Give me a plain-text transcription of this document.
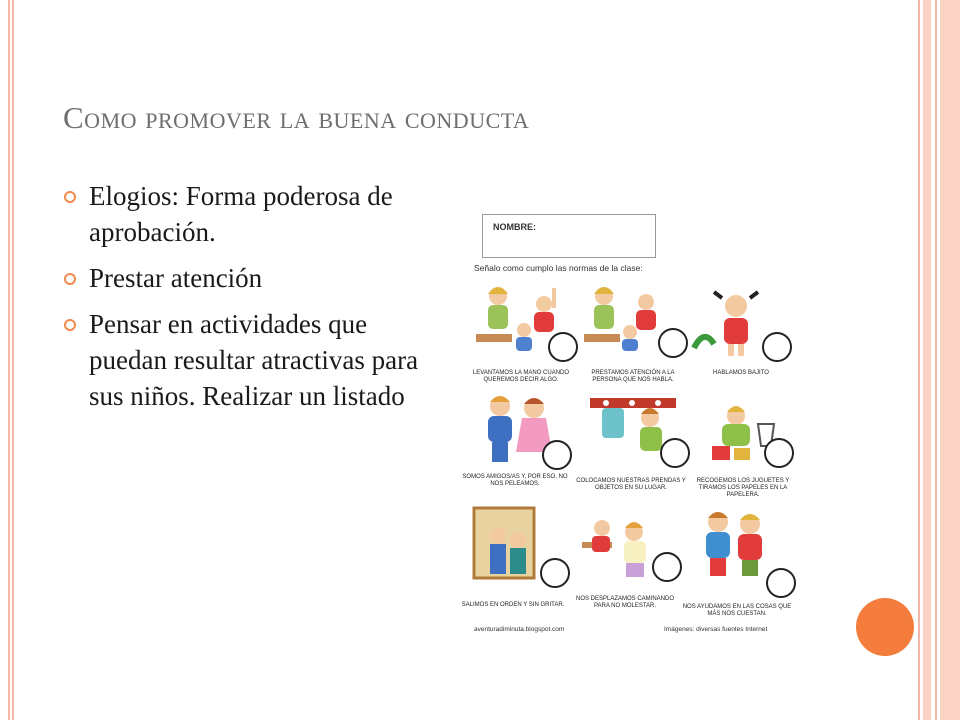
Como promover la buena conducta
Elogios: Forma poderosa de aprobación.
Prestar atención
Pensar en actividades que puedan resultar atractivas para sus niños. Realizar un listado
NOMBRE:
Señalo como cumplo las normas de la clase:
LEVANTAMOS LA MANO CUANDO QUEREMOS DECIR ALGO.
PRESTAMOS ATENCIÓN A LA PERSONA QUE NOS HABLA.
HABLAMOS BAJITO
SOMOS AMIGOS/AS Y, POR ESO, NO NOS PELEAMOS.	COLOCAMOS NUESTRAS PRENDAS Y OBJETOS EN SU LUGAR.
RECOGEMOS LOS JUGUETES Y TIRAMOS LOS PAPELES EN LA PAPELERA.
SALIMOS EN ORDEN Y SIN GRITAR.
NOS DESPLAZAMOS CAMINANDO PARA NO MOLESTAR.	NOS AYUDAMOS EN LAS COSAS QUE MÁS NOS CUESTAN.
aventuradiminuta.blogspot.com	Imágenes: diversas fuentes Internet
